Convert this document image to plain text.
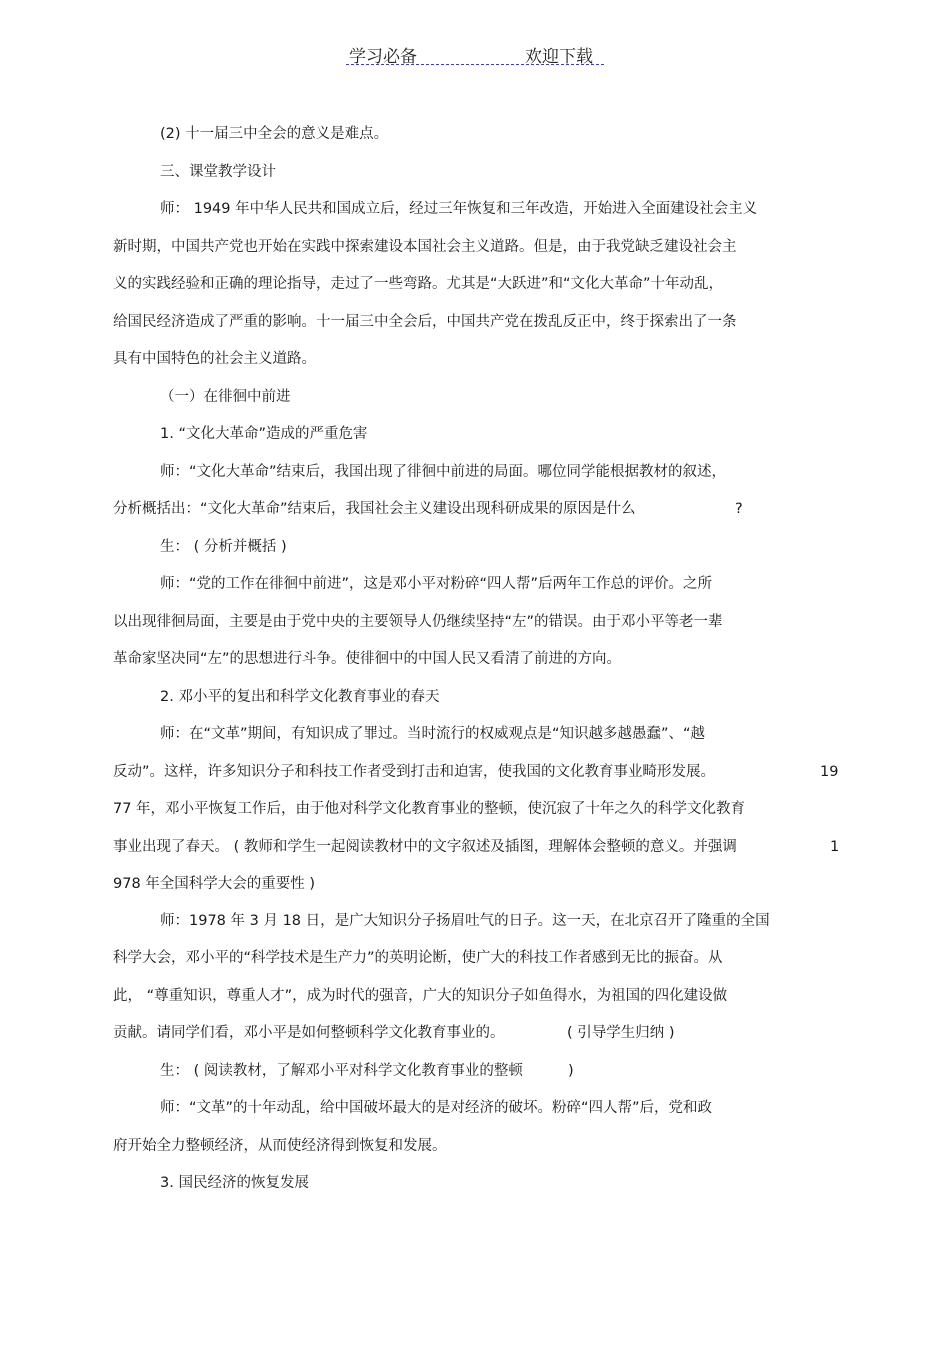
学习必备	欢迎下载
(2) 十一届三中全会的意义是难点。
三、课堂教学设计
师： 1949 年中华人民共和国成立后，经过三年恢复和三年改造，开始进入全面建设社会主义
新时期，中国共产党也开始在实践中探索建设本国社会主义道路。但是，由于我党缺乏建设社会主
义的实践经验和正确的理论指导，走过了一些弯路。尤其是“大跃进”和“文化大革命”十年动乱，
给国民经济造成了严重的影响。十一届三中全会后，中国共产党在拨乱反正中，终于探索出了一条
具有中国特色的社会主义道路。
（一）在徘徊中前进
1. “文化大革命”造成的严重危害
师：“文化大革命”结束后，我国出现了徘徊中前进的局面。哪位同学能根据教材的叙述，
分析概括出：“文化大革命”结束后，我国社会主义建设出现科研成果的原因是什么
生： ( 分析并概括 )
师：“党的工作在徘徊中前进”，这是邓小平对粉碎“四人帮”后两年工作总的评价。之所
以出现徘徊局面，主要是由于党中央的主要领导人仍继续坚持“左”的错误。由于邓小平等老一辈
革命家坚决同“左”的思想进行斗争。使徘徊中的中国人民又看清了前进的方向。
2. 邓小平的复出和科学文化教育事业的春天
师：在“文革”期间，有知识成了罪过。当时流行的权威观点是“知识越多越愚蠢”、“越
反动”。这样，许多知识分子和科技工作者受到打击和迫害，使我国的文化教育事业畸形发展。
77 年，邓小平恢复工作后，由于他对科学文化教育事业的整顿，使沉寂了十年之久的科学文化教育
事业出现了春天。 ( 教师和学生一起阅读教材中的文字叙述及插图，理解体会整顿的意义。并强调
978 年全国科学大会的重要性 )
师：1978 年 3 月 18 日，是广大知识分子扬眉吐气的日子。这一天，在北京召开了隆重的全国
科学大会，邓小平的“科学技术是生产力”的英明论断，使广大的科技工作者感到无比的振奋。从
此， “尊重知识，尊重人才”，成为时代的强音，广大的知识分子如鱼得水，为祖国的四化建设做
贡献。请同学们看，邓小平是如何整顿科学文化教育事业的。
生： ( 阅读教材，了解邓小平对科学文化教育事业的整顿
师：“文革”的十年动乱，给中国破坏最大的是对经济的破坏。粉碎“四人帮”后，党和政
府开始全力整顿经济，从而使经济得到恢复和发展。
3. 国民经济的恢复发展
?
19
1
( 引导学生归纳 )
)
